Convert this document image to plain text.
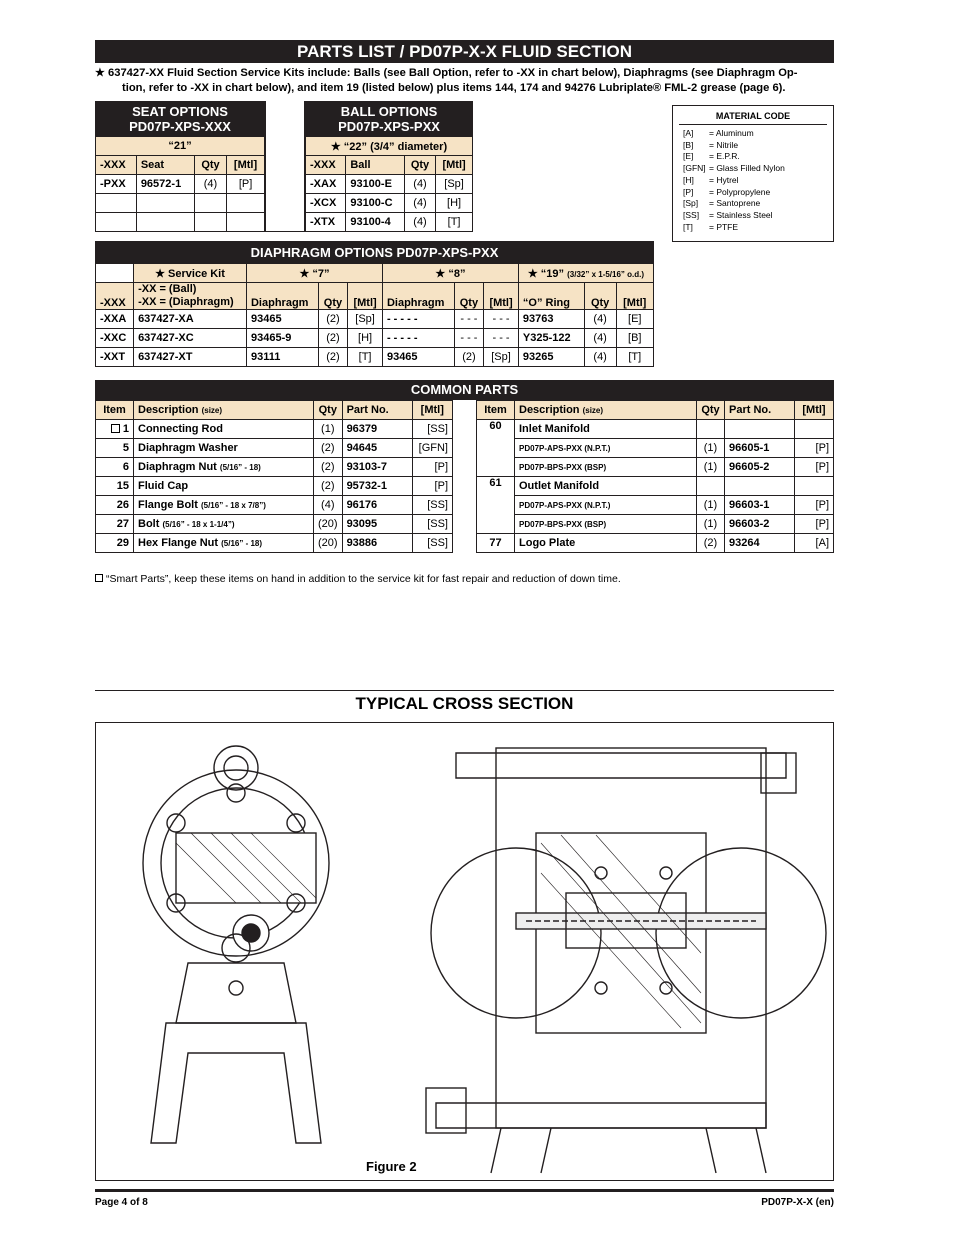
PARTS LIST / PD07P-X-X FLUID SECTION
★ 637427-XX Fluid Section Service Kits include: Balls (see Ball Option, refer to -XX in chart below), Diaphragms (see Diaphragm Op-
tion, refer to -XX in chart below), and item 19 (listed below) plus items 144, 174 and 94276 Lubriplate® FML-2 grease (page 6).
SEAT OPTIONS
PD07P-XPS-XXX			

“21”			
-XXX	Seat	Qty	[Mtl]
-PXX	96572-1	(4)	[P]

BALL OPTIONS
PD07P-XPS-PXX			

★ “22” (3/4” diameter)			
-XXX	Ball	Qty	[Mtl]
-XAX	93100-E	(4)	[Sp]
-XCX	93100-C	(4)	[H]
-XTX	93100-4	(4)	[T]
MATERIAL CODE
[A]	= Aluminum
[B]	= Nitrile
[E]	= E.P.R.
[GFN] = Glass Filled Nylon
[H]	= Hytrel
[P]	= Polypropylene
[Sp]	= Santoprene
[SS]	= Stainless Steel
[T]	= PTFE
DIAPHRAGM OPTIONS PD07P-XPS-PXX										
	★ Service Kit	★ “7”			★ “8”			★ “19” (3/32” x 1-5/16” o.d.)		
-XXX	-XX = (Ball)
-XX = (Diaphragm)	Diaphragm	Qty	[Mtl]	Diaphragm	Qty	[Mtl]	“O” Ring	Qty	[Mtl]
-XXA	637427-XA	93465	(2)	[Sp]	- - - - -	- - -	- - -	93763	(4)	[E]
-XXC	637427-XC	93465-9	(2)	[H]	- - - - -	- - -	- - -	Y325-122	(4)	[B]
-XXT	637427-XT	93111	(2)	[T]	93465	(2)	[Sp]	93265	(4)	[T]
COMMON PARTS
Item	Description (size)	Qty	Part No.	[Mtl]
1	Connecting Rod	(1)	96379	[SS]
5	Diaphragm Washer	(2)	94645	[GFN]
6	Diaphragm Nut (5/16” - 18)	(2)	93103-7	[P]
15	Fluid Cap	(2)	95732-1	[P]
26	Flange Bolt (5/16” - 18 x 7/8”)	(4)	96176	[SS]
27	Bolt (5/16” - 18 x 1-1/4”)	(20)	93095	[SS]
29	Hex Flange Nut (5/16” - 18)	(20)	93886	[SS]
Item	Description (size)	Qty	Part No.	[Mtl]
60	Inlet Manifold			
	PD07P-APS-PXX (N.P.T.)	(1)	96605-1	[P]
	PD07P-BPS-PXX (BSP)	(1)	96605-2	[P]
61	Outlet Manifold			
	PD07P-APS-PXX (N.P.T.)	(1)	96603-1	[P]
	PD07P-BPS-PXX (BSP)	(1)	96603-2	[P]
77	Logo Plate	(2)	93264	[A]
“Smart Parts”, keep these items on hand in addition to the service kit for fast repair and reduction of down time.
TYPICAL CROSS SECTION
Figure 2
Page 4 of 8	PD07P-X-X (en)
